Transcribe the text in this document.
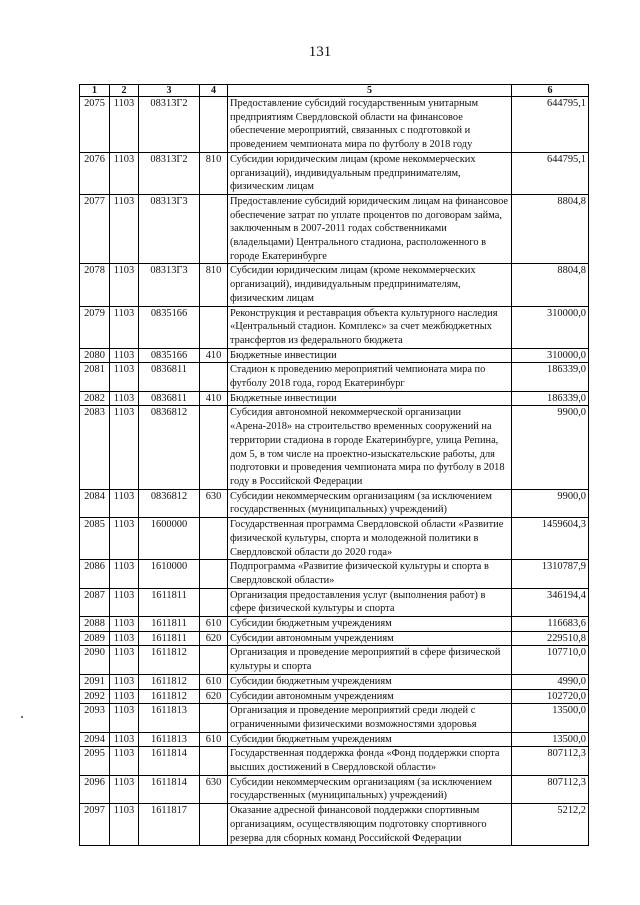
131
1	2	3	4	5	6
2075	1103	08313Г2		Предоставление субсидий государственным унитарным предприятиям Свердловской области на финансовое обеспечение мероприятий, связанных с подготовкой и проведением чемпионата мира по футболу в 2018 году	644795,1
2076	1103	08313Г2	810	Субсидии юридическим лицам (кроме некоммерческих организаций), индивидуальным предпринимателям, физическим лицам	644795,1
2077	1103	08313Г3		Предоставление субсидий юридическим лицам на финансовое обеспечение затрат по уплате процентов по договорам займа, заключенным в 2007-2011 годах собственниками (владельцами) Центрального стадиона, расположенного в городе Екатеринбурге	8804,8
2078	1103	08313Г3	810	Субсидии юридическим лицам (кроме некоммерческих организаций), индивидуальным предпринимателям, физическим лицам	8804,8
2079	1103	0835166		Реконструкция и реставрация объекта культурного наследия «Центральный стадион. Комплекс» за счет межбюджетных трансфертов из федерального бюджета	310000,0
2080	1103	0835166	410	Бюджетные инвестиции	310000,0
2081	1103	0836811		Стадион к проведению мероприятий чемпионата мира по футболу 2018 года, город Екатеринбург	186339,0
2082	1103	0836811	410	Бюджетные инвестиции	186339,0
2083	1103	0836812		Субсидия автономной некоммерческой организации «Арена-2018» на строительство временных сооружений на территории стадиона в городе Екатеринбурге, улица Репина, дом 5, в том числе на проектно-изыскательские работы, для подготовки и проведения чемпионата мира по футболу в 2018 году в Российской Федерации	9900,0
2084	1103	0836812	630	Субсидии некоммерческим организациям (за исключением государственных (муниципальных) учреждений)	9900,0
2085	1103	1600000		Государственная программа Свердловской области «Развитие физической культуры, спорта и молодежной политики в Свердловской области до 2020 года»	1459604,3
2086	1103	1610000		Подпрограмма «Развитие физической культуры и спорта в Свердловской области»	1310787,9
2087	1103	1611811		Организация предоставления услуг (выполнения работ) в сфере физической культуры и спорта	346194,4
2088	1103	1611811	610	Субсидии бюджетным учреждениям	116683,6
2089	1103	1611811	620	Субсидии автономным учреждениям	229510,8
2090	1103	1611812		Организация и проведение мероприятий в сфере физической культуры и спорта	107710,0
2091	1103	1611812	610	Субсидии бюджетным учреждениям	4990,0
2092	1103	1611812	620	Субсидии автономным учреждениям	102720,0
2093	1103	1611813		Организация и проведение мероприятий среди людей с ограниченными физическими возможностями здоровья	13500,0
2094	1103	1611813	610	Субсидии бюджетным учреждениям	13500,0
2095	1103	1611814		Государственная поддержка фонда «Фонд поддержки спорта высших достижений в Свердловской области»	807112,3
2096	1103	1611814	630	Субсидии некоммерческим организациям (за исключением государственных (муниципальных) учреждений)	807112,3
2097	1103	1611817		Оказание адресной финансовой поддержки спортивным организациям, осуществляющим подготовку спортивного резерва для сборных команд Российской Федерации	5212,2
